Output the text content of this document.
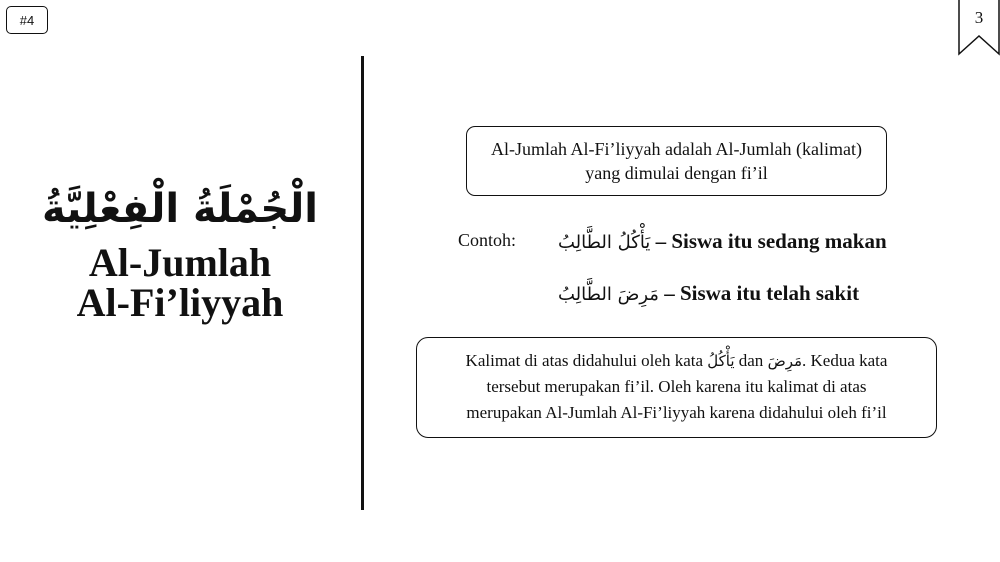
#4	3
الْجُمْلَةُ الْفِعْلِيَّةُ
Al-Jumlah
Al-Fi’liyyah
Al-Jumlah Al-Fi’liyyah adalah Al-Jumlah (kalimat) yang dimulai dengan fi’il
Contoh: يَأْكُلُ الطَّالِبُ – Siswa itu sedang makan
مَرِضَ الطَّالِبُ – Siswa itu telah sakit
Kalimat di atas didahului oleh kata يَأْكُلُ dan مَرِضَ. Kedua kata
tersebut merupakan fi’il. Oleh karena itu kalimat di atas
merupakan Al-Jumlah Al-Fi’liyyah karena didahului oleh fi’il
